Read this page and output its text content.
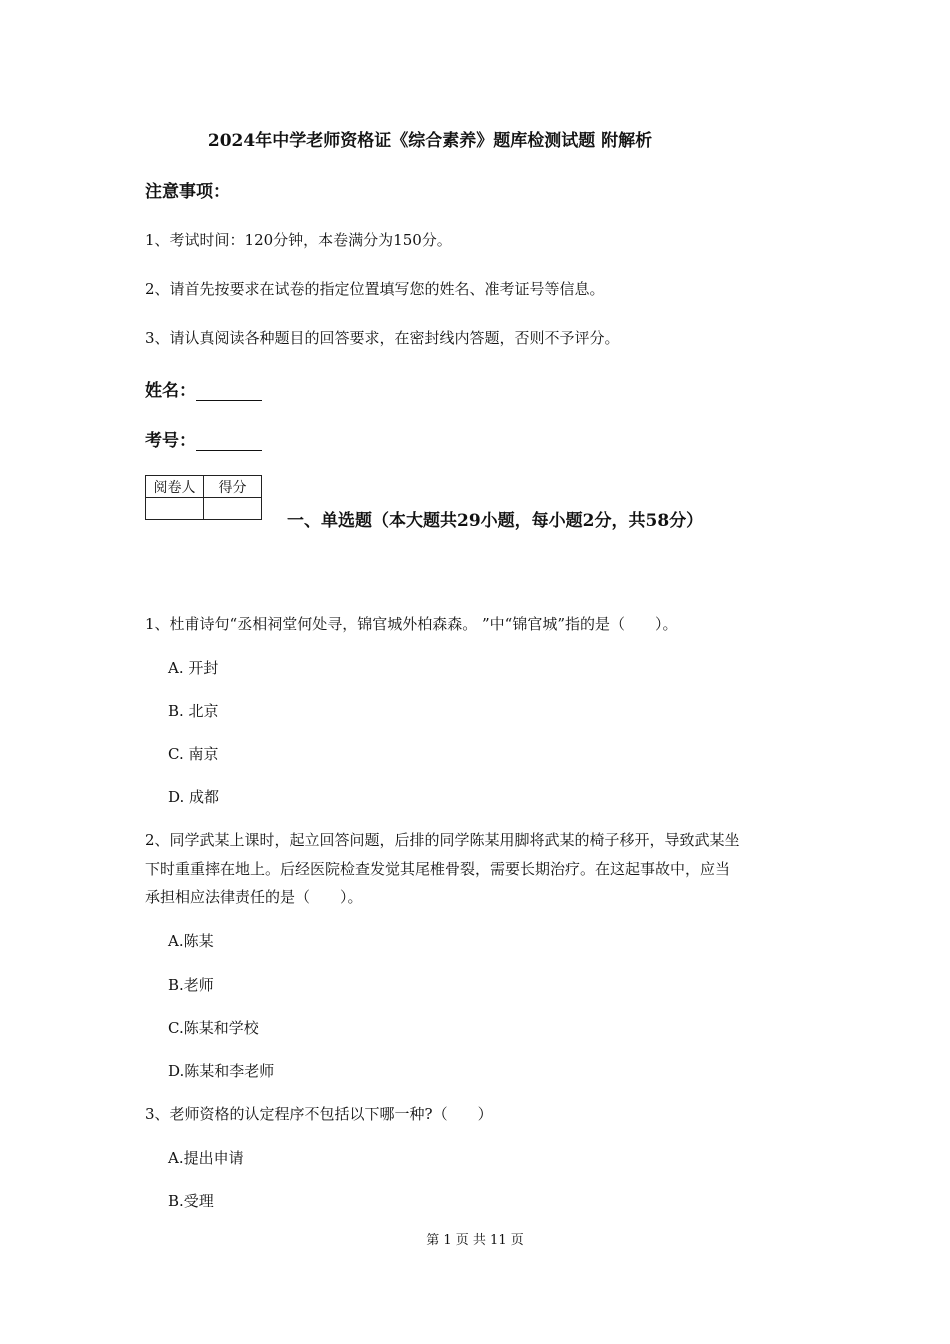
2024年中学老师资格证《综合素养》题库检测试题 附解析
注意事项：
1、考试时间：120分钟，本卷满分为150分。
2、请首先按要求在试卷的指定位置填写您的姓名、准考证号等信息。
3、请认真阅读各种题目的回答要求，在密封线内答题，否则不予评分。
姓名：
考号：
阅卷人	得分

一、单选题（本大题共29小题，每小题2分，共58分）
1、杜甫诗句“丞相祠堂何处寻，锦官城外柏森森。 ”中“锦官城”指的是（　　）。
A. 开封
B. 北京
C. 南京
D. 成都
2、同学武某上课时，起立回答问题，后排的同学陈某用脚将武某的椅子移开，导致武某坐
下时重重摔在地上。后经医院检查发觉其尾椎骨裂，需要长期治疗。在这起事故中，应当
承担相应法律责任的是（　　）。
A.陈某
B.老师
C.陈某和学校
D.陈某和李老师
3、老师资格的认定程序不包括以下哪一种?（　　）
A.提出申请
B.受理
第 1 页 共 11 页
